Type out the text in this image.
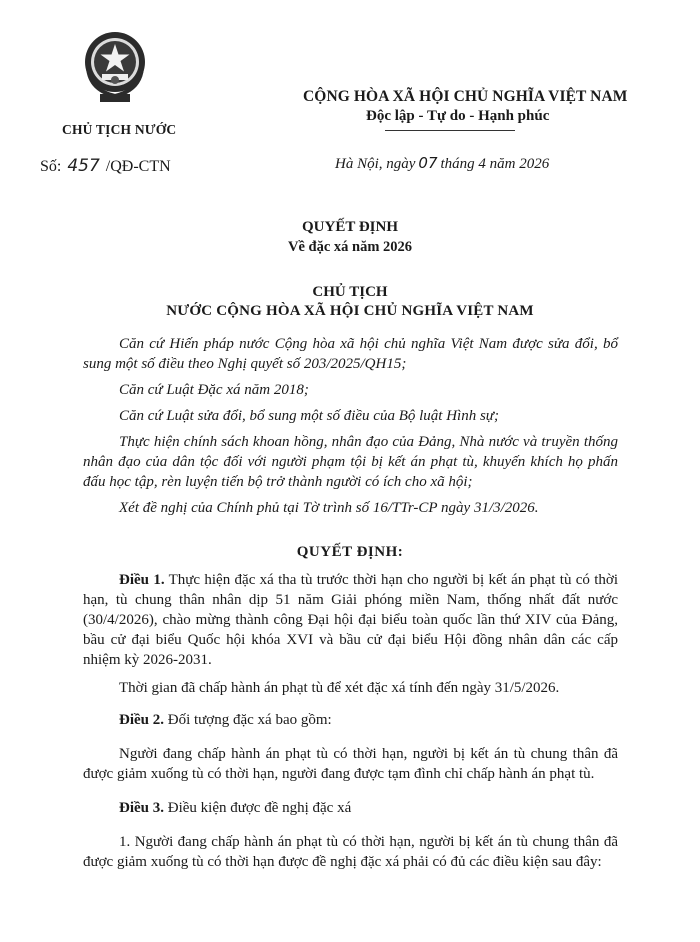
CHỦ TỊCH NƯỚC
Số: 457 /QĐ-CTN
CỘNG HÒA XÃ HỘI CHỦ NGHĨA VIỆT NAM
Độc lập - Tự do - Hạnh phúc
Hà Nội, ngày 07 tháng 4 năm 2026
QUYẾT ĐỊNH
Về đặc xá năm 2026
CHỦ TỊCH
NƯỚC CỘNG HÒA XÃ HỘI CHỦ NGHĨA VIỆT NAM

Căn cứ Hiến pháp nước Cộng hòa xã hội chủ nghĩa Việt Nam được sửa đổi, bổ sung một số điều theo Nghị quyết số 203/2025/QH15;

Căn cứ Luật Đặc xá năm 2018;

Căn cứ Luật sửa đổi, bổ sung một số điều của Bộ luật Hình sự;

Thực hiện chính sách khoan hồng, nhân đạo của Đảng, Nhà nước và truyền thống nhân đạo của dân tộc đối với người phạm tội bị kết án phạt tù, khuyến khích họ phấn đấu học tập, rèn luyện tiến bộ trở thành người có ích cho xã hội;

Xét đề nghị của Chính phủ tại Tờ trình số 16/TTr-CP ngày 31/3/2026.

QUYẾT ĐỊNH:

Điều 1. Thực hiện đặc xá tha tù trước thời hạn cho người bị kết án phạt tù có thời hạn, tù chung thân nhân dịp 51 năm Giải phóng miền Nam, thống nhất đất nước (30/4/2026), chào mừng thành công Đại hội đại biểu toàn quốc lần thứ XIV của Đảng, bầu cử đại biểu Quốc hội khóa XVI và bầu cử đại biểu Hội đồng nhân dân các cấp nhiệm kỳ 2026-2031.

Thời gian đã chấp hành án phạt tù để xét đặc xá tính đến ngày 31/5/2026.

Điều 2. Đối tượng đặc xá bao gồm:

Người đang chấp hành án phạt tù có thời hạn, người bị kết án tù chung thân đã được giảm xuống tù có thời hạn, người đang được tạm đình chỉ chấp hành án phạt tù.

Điều 3. Điều kiện được đề nghị đặc xá

1. Người đang chấp hành án phạt tù có thời hạn, người bị kết án tù chung thân đã được giảm xuống tù có thời hạn được đề nghị đặc xá phải có đủ các điều kiện sau đây:
